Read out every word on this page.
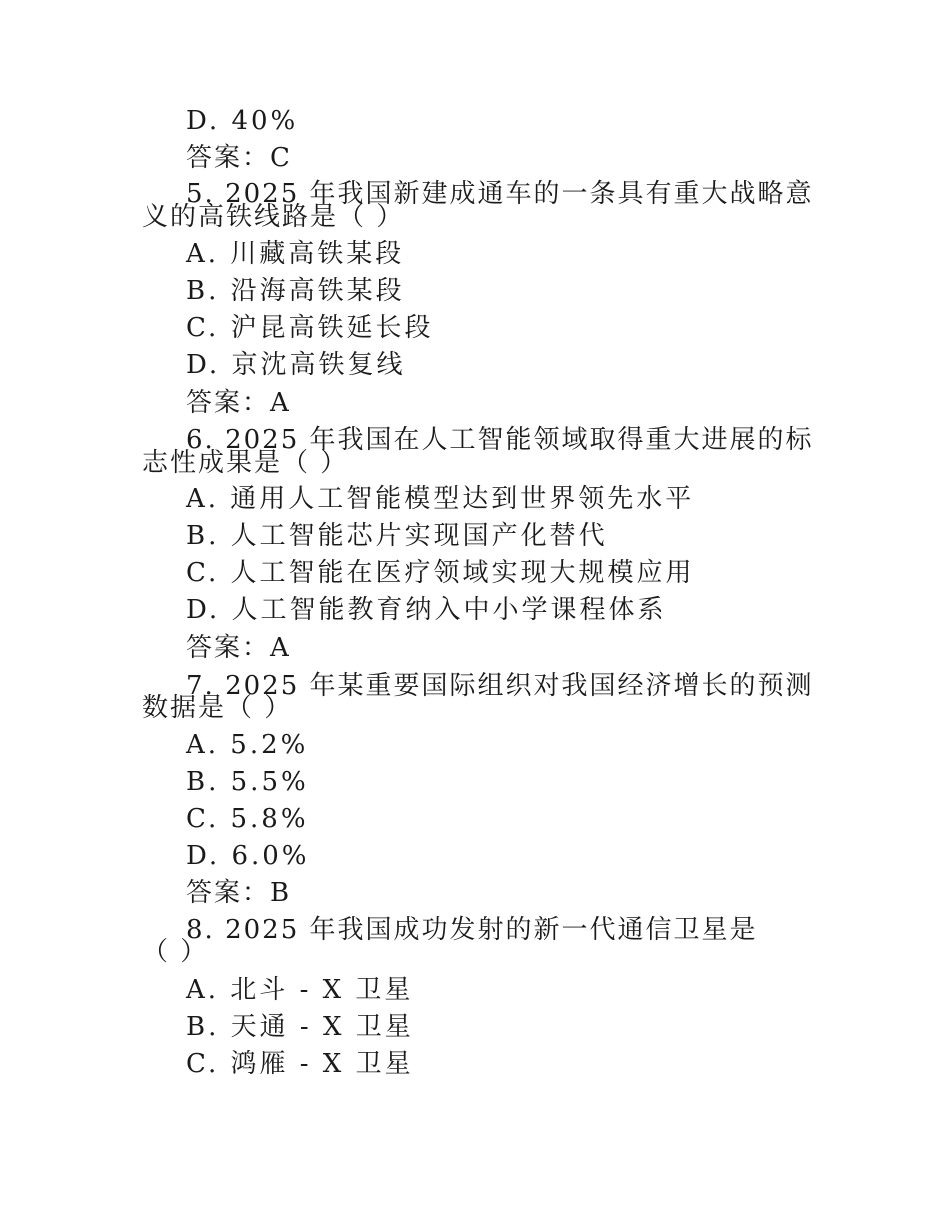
D. 40%
答案：C
5. 2025 年我国新建成通车的一条具有重大战略意
义的高铁线路是（ ）
A. 川藏高铁某段
B. 沿海高铁某段
C. 沪昆高铁延长段
D. 京沈高铁复线
答案：A
6. 2025 年我国在人工智能领域取得重大进展的标
志性成果是（ ）
A. 通用人工智能模型达到世界领先水平
B. 人工智能芯片实现国产化替代
C. 人工智能在医疗领域实现大规模应用
D. 人工智能教育纳入中小学课程体系
答案：A
7. 2025 年某重要国际组织对我国经济增长的预测
数据是（ ）
A. 5.2%
B. 5.5%
C. 5.8%
D. 6.0%
答案：B
8. 2025 年我国成功发射的新一代通信卫星是
（ ）
A. 北斗 - X 卫星
B. 天通 - X 卫星
C. 鸿雁 - X 卫星
